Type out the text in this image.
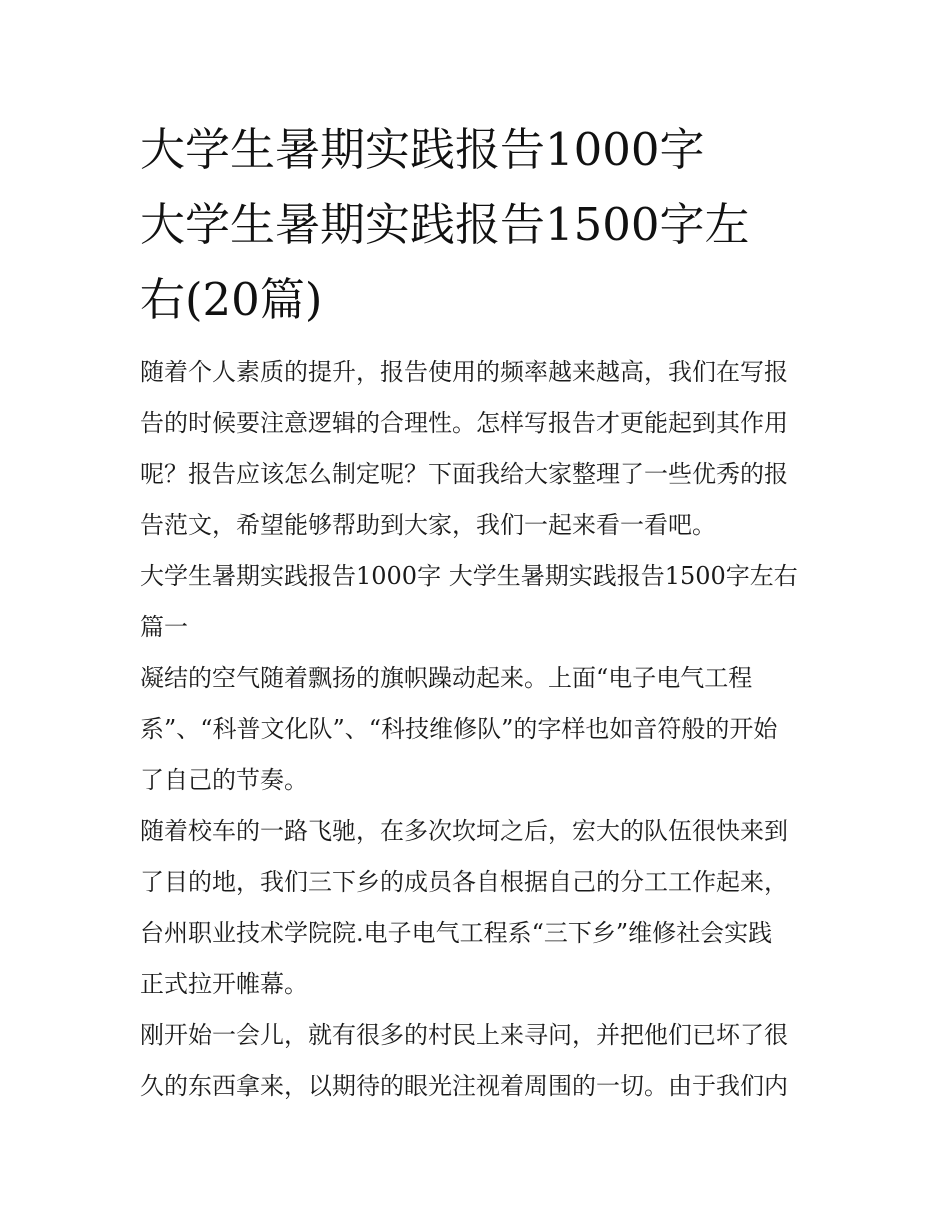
大学生暑期实践报告1000字
大学生暑期实践报告1500字左
右(20篇)

随着个人素质的提升，报告使用的频率越来越高，我们在写报
告的时候要注意逻辑的合理性。怎样写报告才更能起到其作用
呢？报告应该怎么制定呢？下面我给大家整理了一些优秀的报
告范文，希望能够帮助到大家，我们一起来看一看吧。

大学生暑期实践报告1000字 大学生暑期实践报告1500字左右
篇一

凝结的空气随着飘扬的旗帜躁动起来。上面“电子电气工程
系”、“科普文化队”、“科技维修队”的字样也如音符般的开始
了自己的节奏。

随着校车的一路飞驰，在多次坎坷之后，宏大的队伍很快来到
了目的地，我们三下乡的成员各自根据自己的分工工作起来，
台州职业技术学院院.电子电气工程系“三下乡”维修社会实践
正式拉开帷幕。

刚开始一会儿，就有很多的村民上来寻问，并把他们已坏了很
久的东西拿来，以期待的眼光注视着周围的一切。由于我们内
